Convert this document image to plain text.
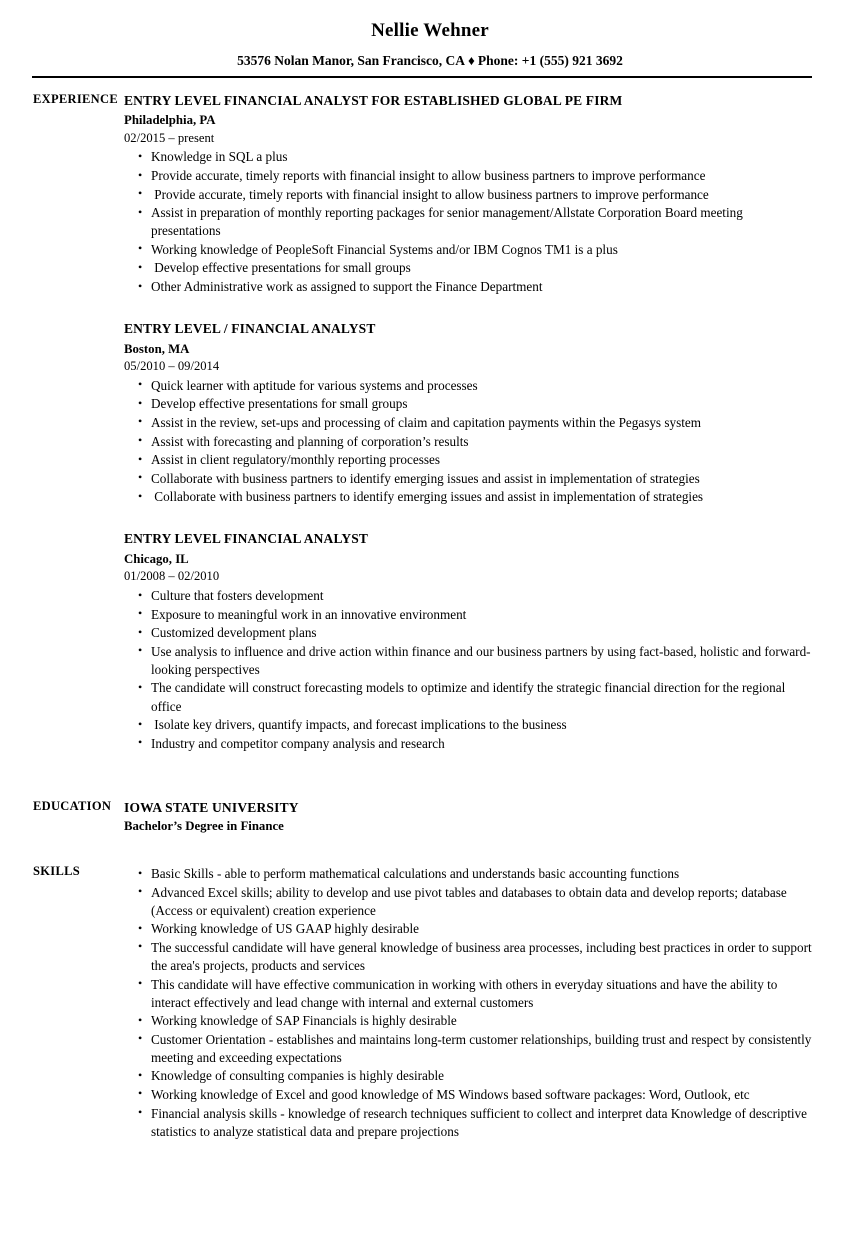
Nellie Wehner
53576 Nolan Manor, San Francisco, CA ♦ Phone: +1 (555) 921 3692
EXPERIENCE ENTRY LEVEL FINANCIAL ANALYST FOR ESTABLISHED GLOBAL PE FIRM
Philadelphia, PA
02/2015 – present
• Knowledge in SQL a plus
• Provide accurate, timely reports with financial insight to allow business partners to improve performance
•  Provide accurate, timely reports with financial insight to allow business partners to improve performance
• Assist in preparation of monthly reporting packages for senior management/Allstate Corporation Board meeting presentations
• Working knowledge of PeopleSoft Financial Systems and/or IBM Cognos TM1 is a plus
•  Develop effective presentations for small groups
• Other Administrative work as assigned to support the Finance Department
ENTRY LEVEL / FINANCIAL ANALYST
Boston, MA
05/2010 – 09/2014
• Quick learner with aptitude for various systems and processes
• Develop effective presentations for small groups
• Assist in the review, set-ups and processing of claim and capitation payments within the Pegasys system
• Assist with forecasting and planning of corporation’s results
• Assist in client regulatory/monthly reporting processes
• Collaborate with business partners to identify emerging issues and assist in implementation of strategies
•  Collaborate with business partners to identify emerging issues and assist in implementation of strategies
ENTRY LEVEL FINANCIAL ANALYST
Chicago, IL
01/2008 – 02/2010
• Culture that fosters development
• Exposure to meaningful work in an innovative environment
• Customized development plans
• Use analysis to influence and drive action within finance and our business partners by using fact-based, holistic and forward-looking perspectives
• The candidate will construct forecasting models to optimize and identify the strategic financial direction for the regional office
•  Isolate key drivers, quantify impacts, and forecast implications to the business
• Industry and competitor company analysis and research
EDUCATION IOWA STATE UNIVERSITY
Bachelor’s Degree in Finance
SKILLS	• Basic Skills - able to perform mathematical calculations and understands basic accounting functions
• Advanced Excel skills; ability to develop and use pivot tables and databases to obtain data and develop reports; database (Access or equivalent) creation experience
• Working knowledge of US GAAP highly desirable
• The successful candidate will have general knowledge of business area processes, including best practices in order to support the area's projects, products and services
• This candidate will have effective communication in working with others in everyday situations and have the ability to interact effectively and lead change with internal and external customers
• Working knowledge of SAP Financials is highly desirable
• Customer Orientation - establishes and maintains long-term customer relationships, building trust and respect by consistently meeting and exceeding expectations
• Knowledge of consulting companies is highly desirable
• Working knowledge of Excel and good knowledge of MS Windows based software packages: Word, Outlook, etc
• Financial analysis skills - knowledge of research techniques sufficient to collect and interpret data Knowledge of descriptive statistics to analyze statistical data and prepare projections
